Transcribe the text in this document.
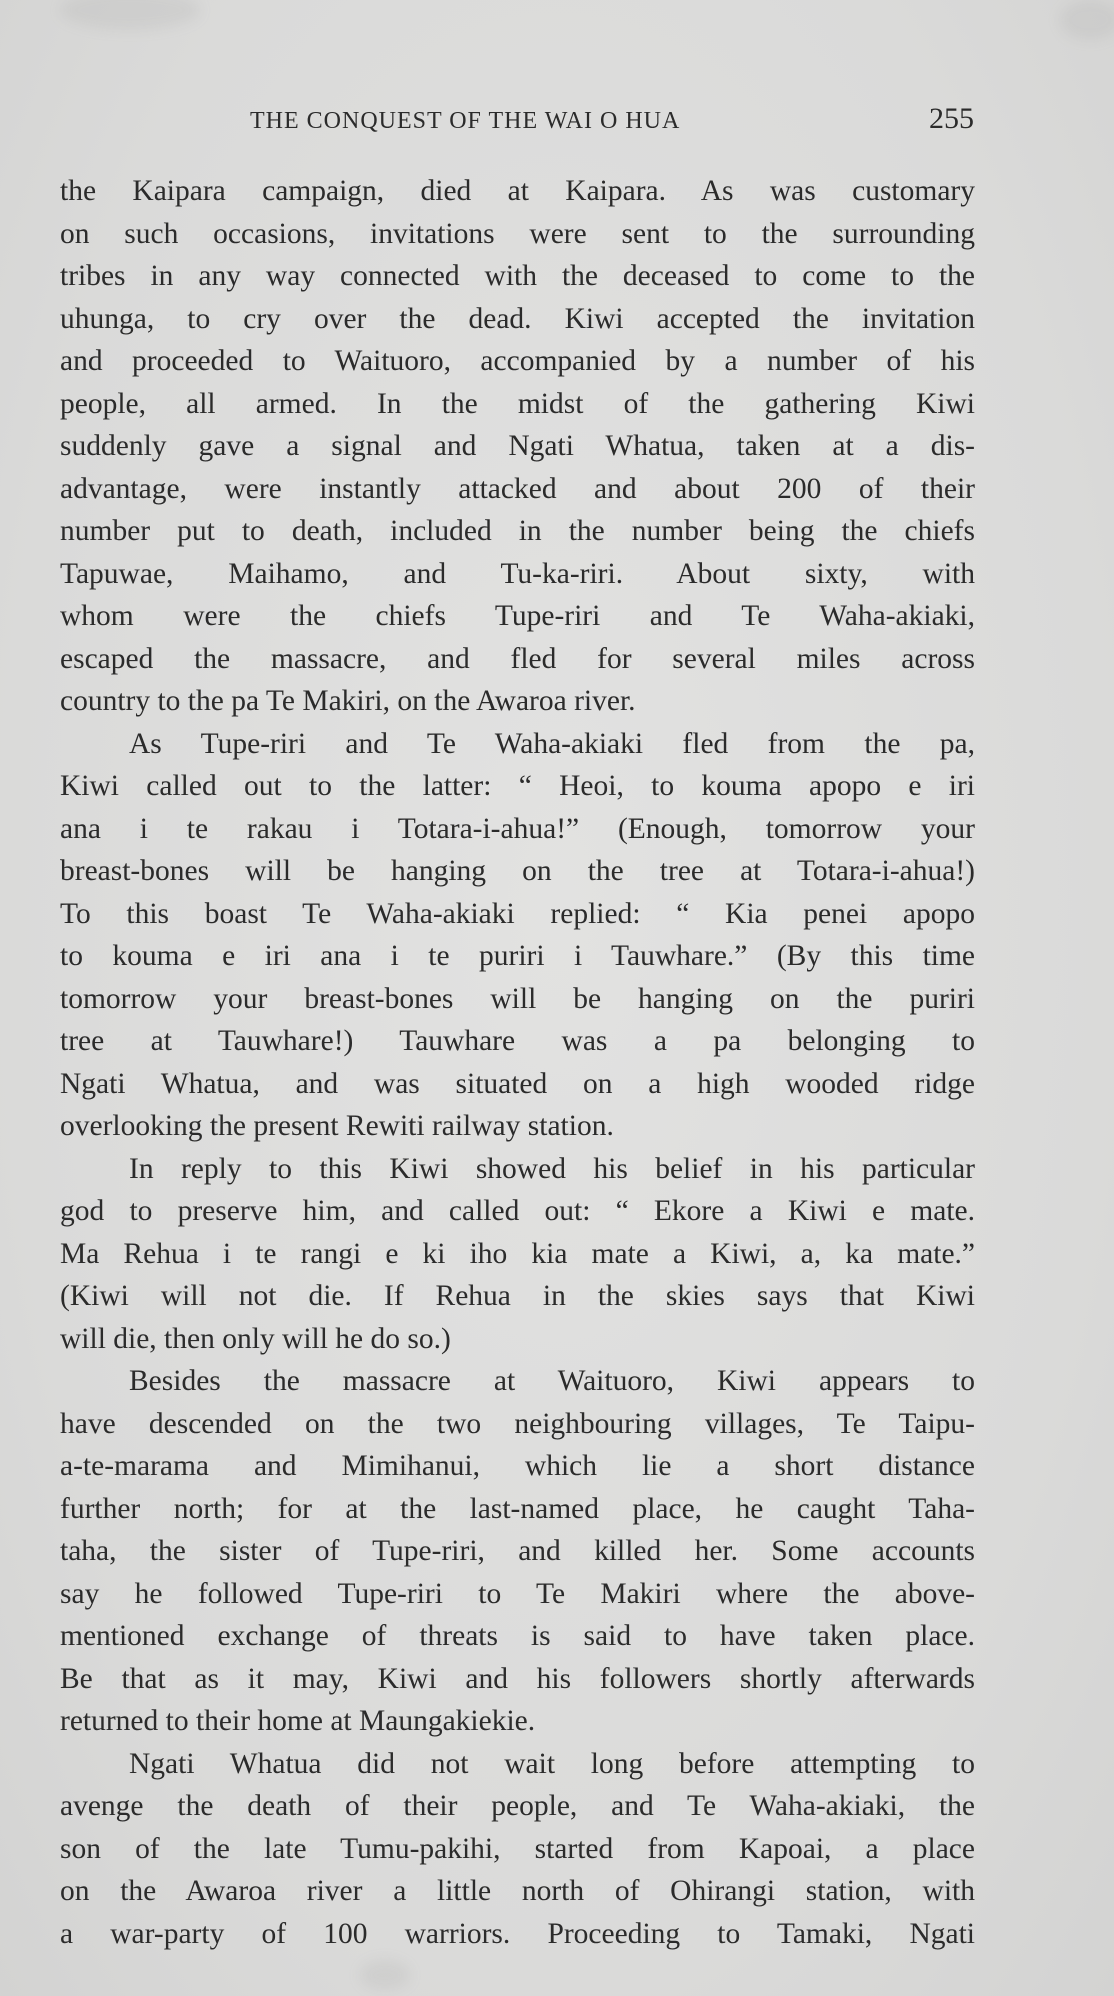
THE CONQUEST OF THE WAI O HUA	255
the Kaipara campaign, died at Kaipara. As was customary
on such occasions, invitations were sent to the surrounding
tribes in any way connected with the deceased to come to the
uhunga, to cry over the dead. Kiwi accepted the invitation
and proceeded to Waituoro, accompanied by a number of his
people, all armed. In the midst of the gathering Kiwi
suddenly gave a signal and Ngati Whatua, taken at a dis-
advantage, were instantly attacked and about 200 of their
number put to death, included in the number being the chiefs
Tapuwae, Maihamo, and Tu-ka-riri. About sixty, with
whom were the chiefs Tupe-riri and Te Waha-akiaki,
escaped the massacre, and fled for several miles across
country to the pa Te Makiri, on the Awaroa river.
As Tupe-riri and Te Waha-akiaki fled from the pa,
Kiwi called out to the latter: “ Heoi, to kouma apopo e iri
ana i te rakau i Totara-i-ahua!” (Enough, tomorrow your
breast-bones will be hanging on the tree at Totara-i-ahua!)
To this boast Te Waha-akiaki replied: “ Kia penei apopo
to kouma e iri ana i te puriri i Tauwhare.” (By this time
tomorrow your breast-bones will be hanging on the puriri
tree at Tauwhare!) Tauwhare was a pa belonging to
Ngati Whatua, and was situated on a high wooded ridge
overlooking the present Rewiti railway station.
In reply to this Kiwi showed his belief in his particular
god to preserve him, and called out: “ Ekore a Kiwi e mate.
Ma Rehua i te rangi e ki iho kia mate a Kiwi, a, ka mate.”
(Kiwi will not die. If Rehua in the skies says that Kiwi
will die, then only will he do so.)
Besides the massacre at Waituoro, Kiwi appears to
have descended on the two neighbouring villages, Te Taipu-
a-te-marama and Mimihanui, which lie a short distance
further north; for at the last-named place, he caught Taha-
taha, the sister of Tupe-riri, and killed her. Some accounts
say he followed Tupe-riri to Te Makiri where the above-
mentioned exchange of threats is said to have taken place.
Be that as it may, Kiwi and his followers shortly afterwards
returned to their home at Maungakiekie.
Ngati Whatua did not wait long before attempting to
avenge the death of their people, and Te Waha-akiaki, the
son of the late Tumu-pakihi, started from Kapoai, a place
on the Awaroa river a little north of Ohirangi station, with
a war-party of 100 warriors. Proceeding to Tamaki, Ngati
